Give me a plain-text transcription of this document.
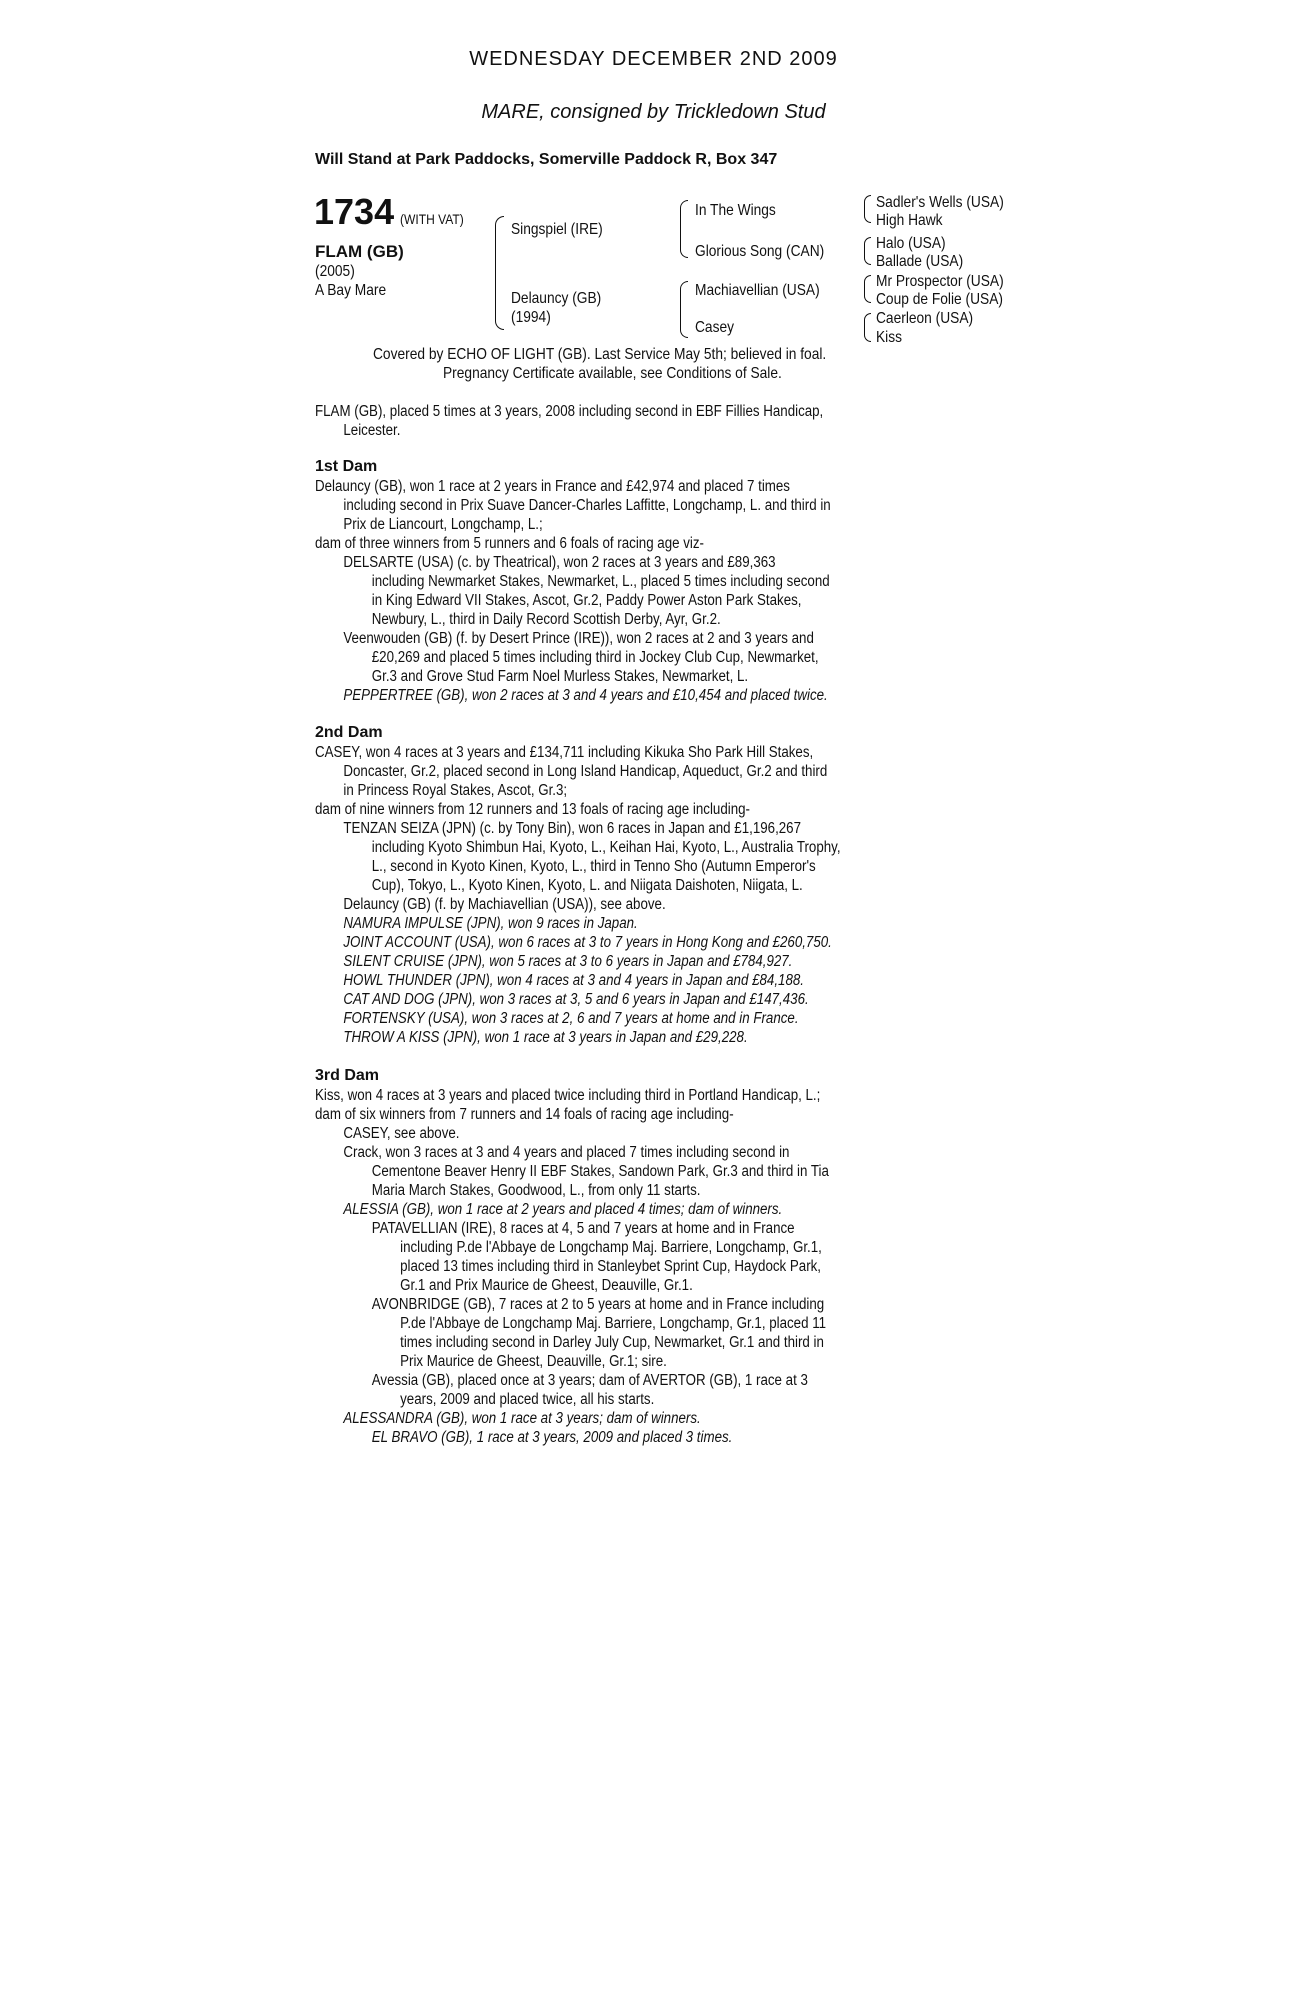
WEDNESDAY DECEMBER 2ND 2009
MARE, consigned by Trickledown Stud
Will Stand at Park Paddocks, Somerville Paddock R, Box 347
1734 (WITH VAT)
FLAM (GB)
(2005)
A Bay Mare
Singspiel (IRE)
Delauncy (GB)
(1994)
In The Wings
Glorious Song (CAN)
Machiavellian (USA)
Casey
Sadler's Wells (USA)
High Hawk
Halo (USA)
Ballade (USA)
Mr Prospector (USA)
Coup de Folie (USA)
Caerleon (USA)
Kiss
Covered by ECHO OF LIGHT (GB). Last Service May 5th; believed in foal.
Pregnancy Certificate available, see Conditions of Sale.
FLAM (GB), placed 5 times at 3 years, 2008 including second in EBF Fillies Handicap,
Leicester.
1st Dam
Delauncy (GB), won 1 race at 2 years in France and £42,974 and placed 7 times
including second in Prix Suave Dancer-Charles Laffitte, Longchamp, L. and third in
Prix de Liancourt, Longchamp, L.;
dam of three winners from 5 runners and 6 foals of racing age viz-
DELSARTE (USA) (c. by Theatrical), won 2 races at 3 years and £89,363
including Newmarket Stakes, Newmarket, L., placed 5 times including second
in King Edward VII Stakes, Ascot, Gr.2, Paddy Power Aston Park Stakes,
Newbury, L., third in Daily Record Scottish Derby, Ayr, Gr.2.
Veenwouden (GB) (f. by Desert Prince (IRE)), won 2 races at 2 and 3 years and
£20,269 and placed 5 times including third in Jockey Club Cup, Newmarket,
Gr.3 and Grove Stud Farm Noel Murless Stakes, Newmarket, L.
PEPPERTREE (GB), won 2 races at 3 and 4 years and £10,454 and placed twice.
2nd Dam
CASEY, won 4 races at 3 years and £134,711 including Kikuka Sho Park Hill Stakes,
Doncaster, Gr.2, placed second in Long Island Handicap, Aqueduct, Gr.2 and third
in Princess Royal Stakes, Ascot, Gr.3;
dam of nine winners from 12 runners and 13 foals of racing age including-
TENZAN SEIZA (JPN) (c. by Tony Bin), won 6 races in Japan and £1,196,267
including Kyoto Shimbun Hai, Kyoto, L., Keihan Hai, Kyoto, L., Australia Trophy,
L., second in Kyoto Kinen, Kyoto, L., third in Tenno Sho (Autumn Emperor's
Cup), Tokyo, L., Kyoto Kinen, Kyoto, L. and Niigata Daishoten, Niigata, L.
Delauncy (GB) (f. by Machiavellian (USA)), see above.
NAMURA IMPULSE (JPN), won 9 races in Japan.
JOINT ACCOUNT (USA), won 6 races at 3 to 7 years in Hong Kong and £260,750.
SILENT CRUISE (JPN), won 5 races at 3 to 6 years in Japan and £784,927.
HOWL THUNDER (JPN), won 4 races at 3 and 4 years in Japan and £84,188.
CAT AND DOG (JPN), won 3 races at 3, 5 and 6 years in Japan and £147,436.
FORTENSKY (USA), won 3 races at 2, 6 and 7 years at home and in France.
THROW A KISS (JPN), won 1 race at 3 years in Japan and £29,228.
3rd Dam
Kiss, won 4 races at 3 years and placed twice including third in Portland Handicap, L.;
dam of six winners from 7 runners and 14 foals of racing age including-
CASEY, see above.
Crack, won 3 races at 3 and 4 years and placed 7 times including second in
Cementone Beaver Henry II EBF Stakes, Sandown Park, Gr.3 and third in Tia
Maria March Stakes, Goodwood, L., from only 11 starts.
ALESSIA (GB), won 1 race at 2 years and placed 4 times; dam of winners.
PATAVELLIAN (IRE), 8 races at 4, 5 and 7 years at home and in France
including P.de l'Abbaye de Longchamp Maj. Barriere, Longchamp, Gr.1,
placed 13 times including third in Stanleybet Sprint Cup, Haydock Park,
Gr.1 and Prix Maurice de Gheest, Deauville, Gr.1.
AVONBRIDGE (GB), 7 races at 2 to 5 years at home and in France including
P.de l'Abbaye de Longchamp Maj. Barriere, Longchamp, Gr.1, placed 11
times including second in Darley July Cup, Newmarket, Gr.1 and third in
Prix Maurice de Gheest, Deauville, Gr.1; sire.
Avessia (GB), placed once at 3 years; dam of AVERTOR (GB), 1 race at 3
years, 2009 and placed twice, all his starts.
ALESSANDRA (GB), won 1 race at 3 years; dam of winners.
EL BRAVO (GB), 1 race at 3 years, 2009 and placed 3 times.
